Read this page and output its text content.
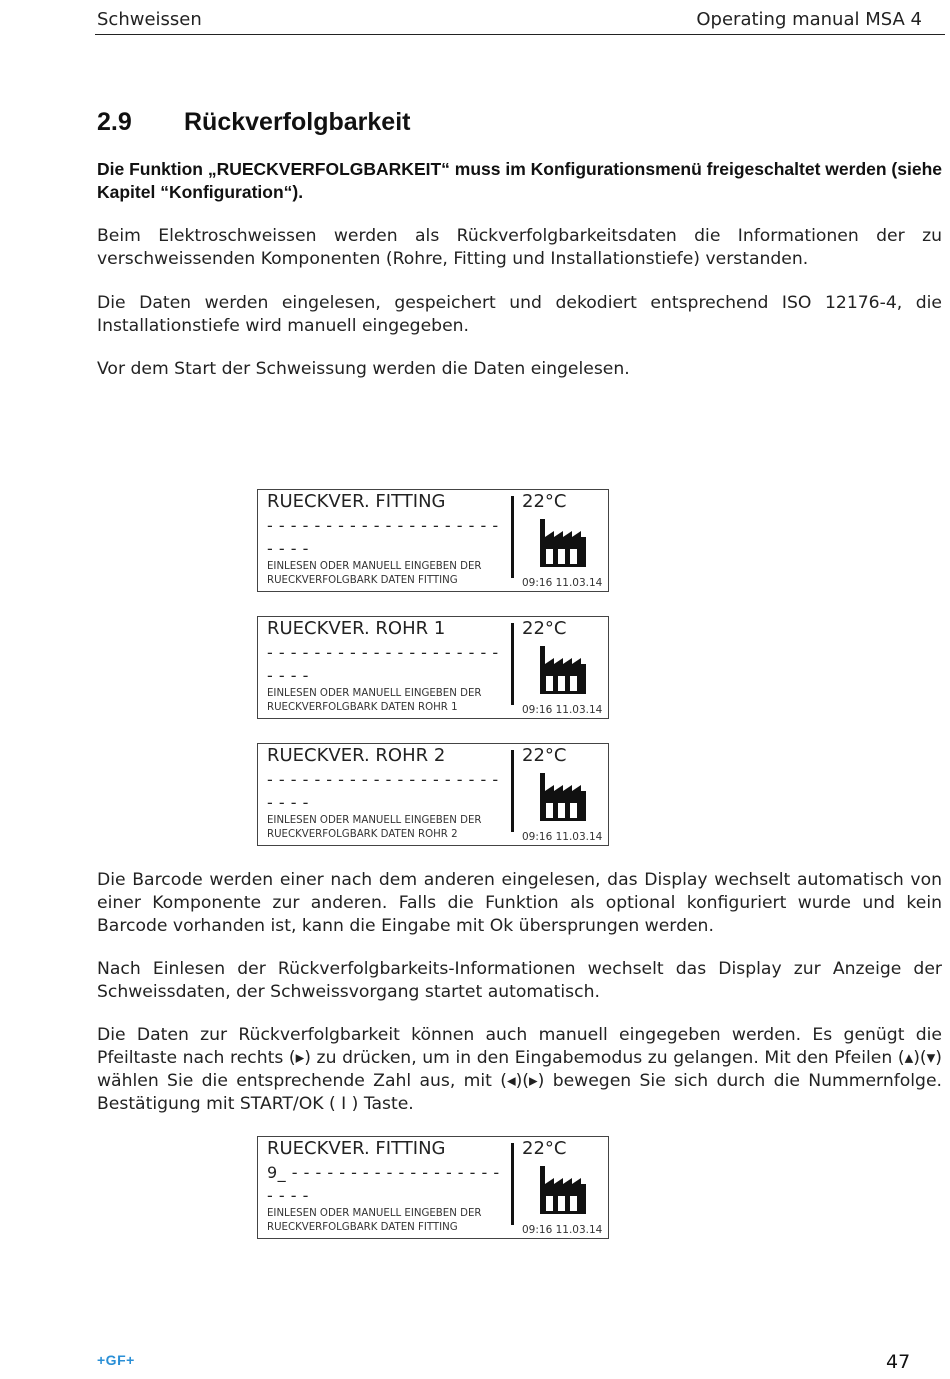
Schweissen	Operating manual MSA 4
2.9 Rückverfolgbarkeit
Die Funktion „RUECKVERFOLGBARKEIT“ muss im Konfigurationsmenü freigeschaltet werden (siehe Kapitel “Konfiguration“).
Beim Elektroschweissen werden als Rückverfolgbarkeitsdaten die Informationen der zu verschweissenden Komponenten (Rohre, Fitting und Installationstiefe) verstanden.
Die Daten werden eingelesen, gespeichert und dekodiert entsprechend ISO 12176-4, die Installationstiefe wird manuell eingegeben.
Vor dem Start der Schweissung werden die Daten eingelesen.
RUECKVER. FITTING
- - - - - - - - - - - - - - - - - - - -
- - - -
EINLESEN ODER MANUELL EINGEBEN DER
RUECKVERFOLGBARK DATEN FITTING
22°C
09:16 11.03.14
RUECKVER. ROHR 1
- - - - - - - - - - - - - - - - - - - -
- - - -
EINLESEN ODER MANUELL EINGEBEN DER
RUECKVERFOLGBARK DATEN ROHR 1
22°C
09:16 11.03.14
RUECKVER. ROHR 2
- - - - - - - - - - - - - - - - - - - -
- - - -
EINLESEN ODER MANUELL EINGEBEN DER
RUECKVERFOLGBARK DATEN ROHR 2
22°C
09:16 11.03.14
Die Barcode werden einer nach dem anderen eingelesen, das Display wechselt automatisch von einer Komponente zur anderen. Falls die Funktion als optional konfiguriert wurde und kein Barcode vorhanden ist, kann die Eingabe mit Ok übersprungen werden.
Nach Einlesen der Rückverfolgbarkeits-Informationen wechselt das Display zur Anzeige der Schweissdaten, der Schweissvorgang startet automatisch.
Die Daten zur Rückverfolgbarkeit können auch manuell eingegeben werden. Es genügt die Pfeiltaste nach rechts (▸) zu drücken, um in den Eingabemodus zu gelangen. Mit den Pfeilen (▴)(▾) wählen Sie die entsprechende Zahl aus, mit (◂)(▸) bewegen Sie sich durch die Nummernfolge. Bestätigung mit START/OK ( I ) Taste.
RUECKVER. FITTING
9_ - - - - - - - - - - - - - - - - - -
- - - -
EINLESEN ODER MANUELL EINGEBEN DER
RUECKVERFOLGBARK DATEN FITTING
22°C
09:16 11.03.14
+GF+	47
